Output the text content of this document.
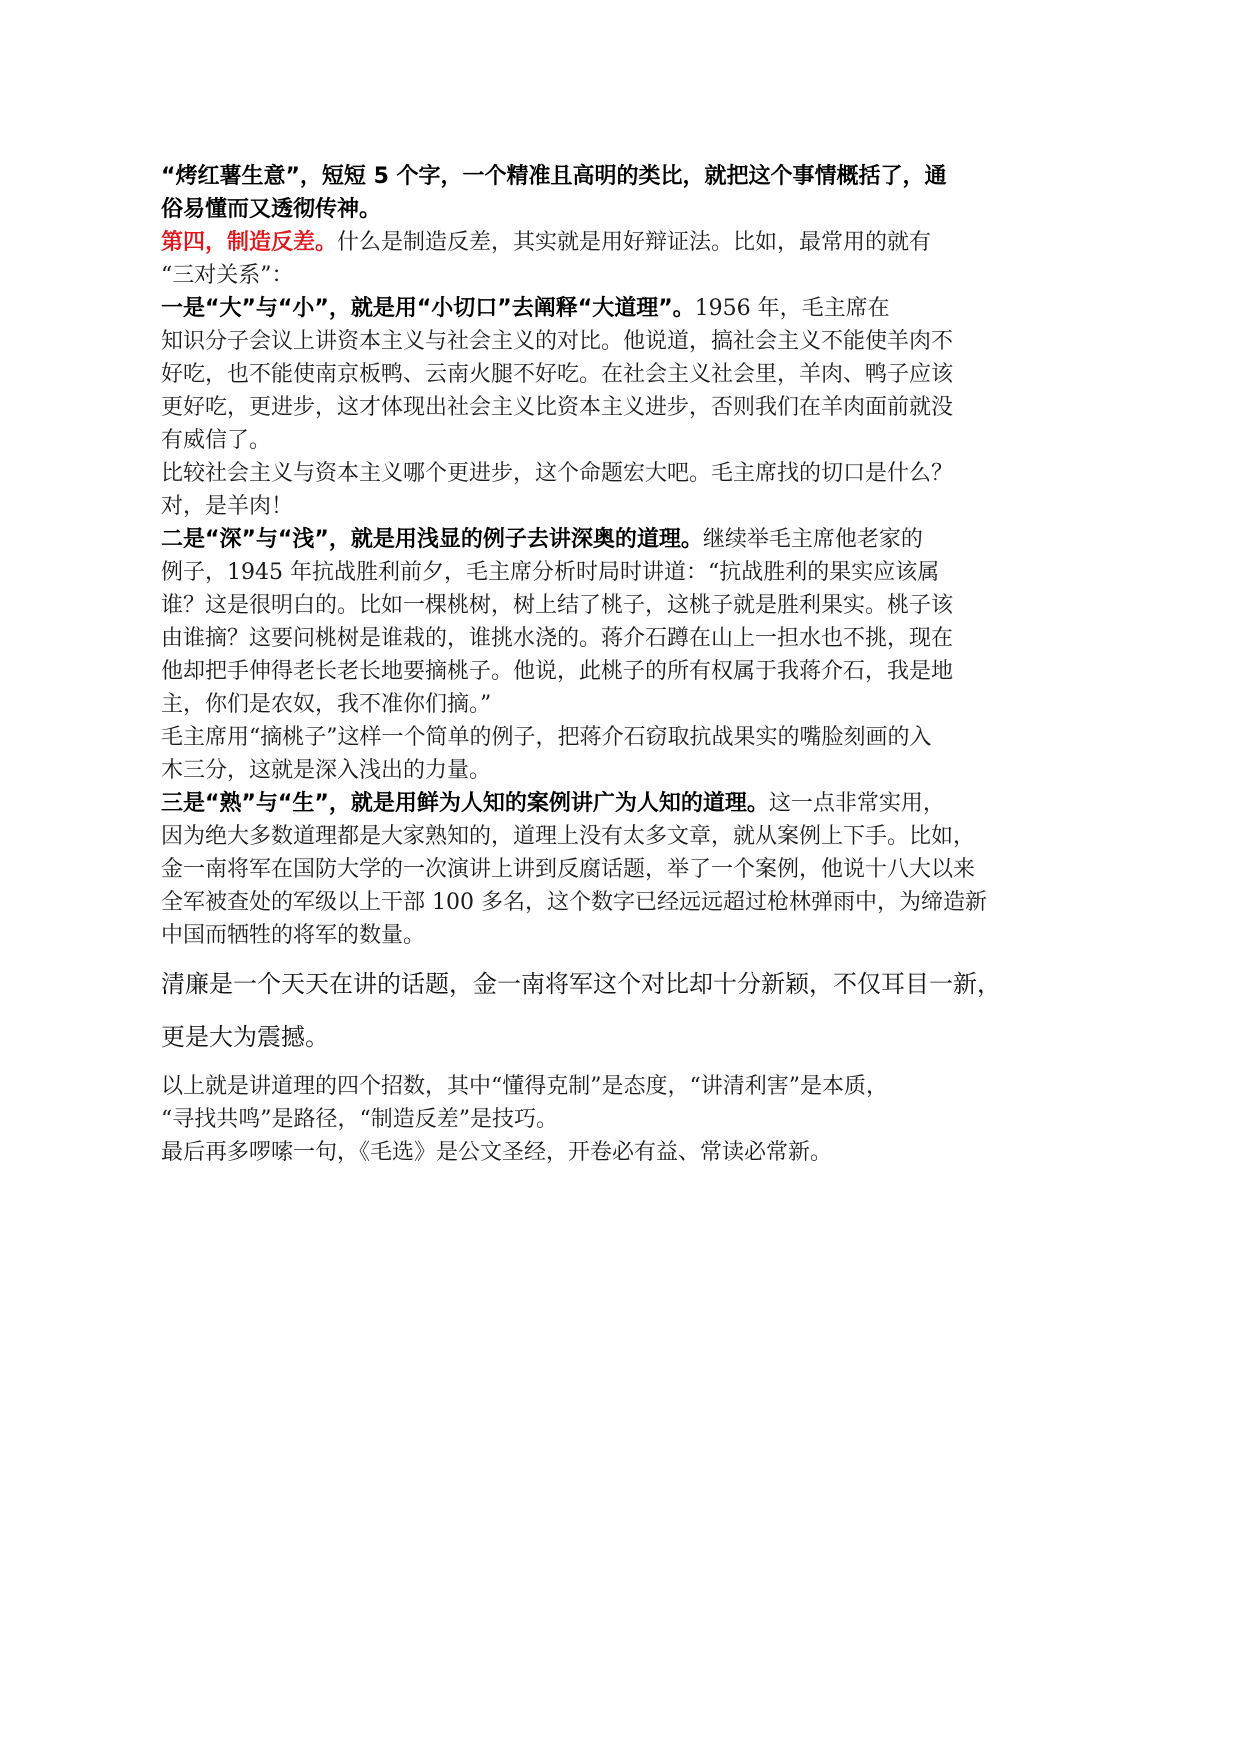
“烤红薯生意”，短短 5 个字，一个精准且高明的类比，就把这个事情概括了，通
俗易懂而又透彻传神。
第四，制造反差。什么是制造反差，其实就是用好辩证法。比如，最常用的就有
“三对关系”：
一是“大”与“小”，就是用“小切口”去阐释“大道理”。1956 年，毛主席在
知识分子会议上讲资本主义与社会主义的对比。他说道，搞社会主义不能使羊肉不
好吃，也不能使南京板鸭、云南火腿不好吃。在社会主义社会里，羊肉、鸭子应该
更好吃，更进步，这才体现出社会主义比资本主义进步，否则我们在羊肉面前就没
有威信了。
比较社会主义与资本主义哪个更进步，这个命题宏大吧。毛主席找的切口是什么？
对，是羊肉！
二是“深”与“浅”，就是用浅显的例子去讲深奥的道理。继续举毛主席他老家的
例子，1945 年抗战胜利前夕，毛主席分析时局时讲道：“抗战胜利的果实应该属
谁？这是很明白的。比如一棵桃树，树上结了桃子，这桃子就是胜利果实。桃子该
由谁摘？这要问桃树是谁栽的，谁挑水浇的。蒋介石蹲在山上一担水也不挑，现在
他却把手伸得老长老长地要摘桃子。他说，此桃子的所有权属于我蒋介石，我是地
主，你们是农奴，我不准你们摘。”
毛主席用“摘桃子”这样一个简单的例子，把蒋介石窃取抗战果实的嘴脸刻画的入
木三分，这就是深入浅出的力量。
三是“熟”与“生”，就是用鲜为人知的案例讲广为人知的道理。这一点非常实用，
因为绝大多数道理都是大家熟知的，道理上没有太多文章，就从案例上下手。比如，
金一南将军在国防大学的一次演讲上讲到反腐话题，举了一个案例，他说十八大以来
全军被查处的军级以上干部 100 多名，这个数字已经远远超过枪林弹雨中，为缔造新
中国而牺牲的将军的数量。
清廉是一个天天在讲的话题，金一南将军这个对比却十分新颖，不仅耳目一新，
更是大为震撼。
以上就是讲道理的四个招数，其中“懂得克制”是态度，“讲清利害”是本质，
“寻找共鸣”是路径，“制造反差”是技巧。
最后再多啰嗦一句，《毛选》是公文圣经，开卷必有益、常读必常新。
